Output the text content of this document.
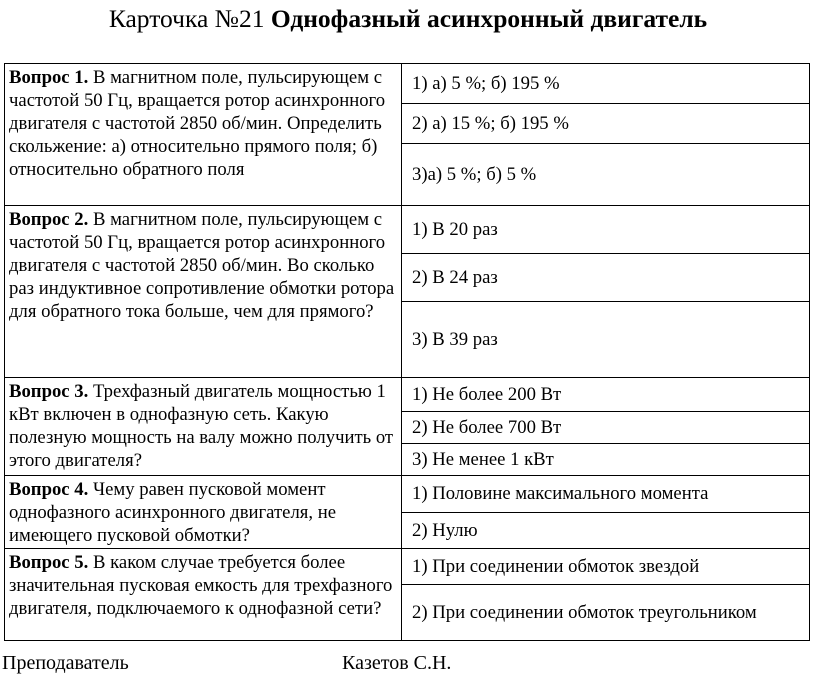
Карточка №21 Однофазный асинхронный двигатель
Вопрос 1. В магнитном поле, пульсирующем с частотой 50 Гц, вращается ротор асинхронного двигателя с частотой 2850 об/мин. Определить скольжение: а) относительно прямого поля; б) относительно обратного поля	1) а) 5 %; б) 195 %
	2) а) 15 %; б) 195 %
	3)а) 5 %; б) 5 %
Вопрос 2. В магнитном поле, пульсирующем с частотой 50 Гц, вращается ротор асинхронного двигателя с частотой 2850 об/мин. Во сколько раз индуктивное сопротивление обмотки ротора для обратного тока больше, чем для прямого?	1) В 20 раз
	2) В 24 раз
	3) В 39 раз
Вопрос 3. Трехфазный двигатель мощностью 1 кВт включен в однофазную сеть. Какую полезную мощность на валу можно получить от этого двигателя?	1) Не более 200 Вт
	2) Не более 700 Вт
	3) Не менее 1 кВт
Вопрос 4. Чему равен пусковой момент однофазного асинхронного двигателя, не имеющего пусковой обмотки?	1) Половине максимального момента
	2) Нулю
Вопрос 5. В каком случае требуется более значительная пусковая емкость для трехфазного двигателя, подключаемого к однофазной сети?	1) При соединении обмоток звездой
	2) При соединении обмоток треугольником
Преподаватель	Казетов С.Н.
